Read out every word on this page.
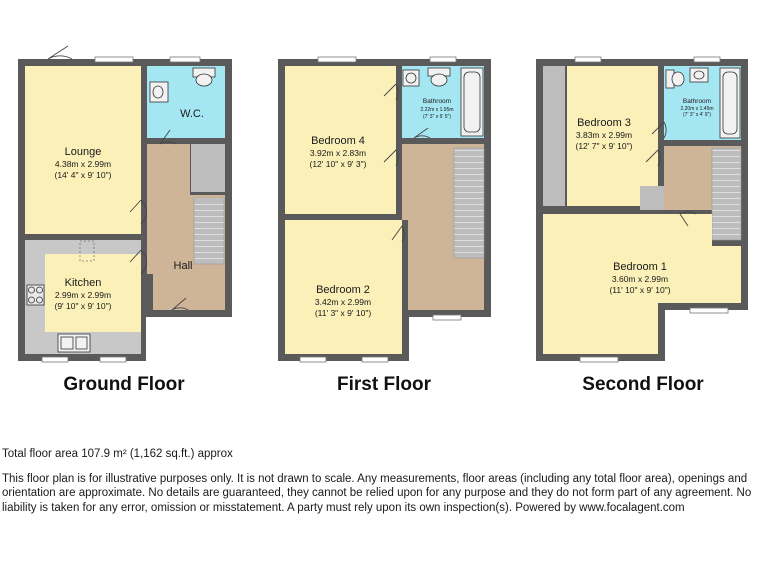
Lounge
4.38m x 2.99m
(14' 4" x 9' 10")
W.C.
Kitchen
2.99m x 2.99m
(9' 10" x 9' 10")
Hall
Ground Floor
Bedroom 4
3.92m x 2.83m
(12' 10" x 9' 3")
Bathroom
2.22m x 1.95m
(7' 3" x 6' 5")
Bedroom 2
3.42m x 2.99m
(11' 3" x 9' 10")
First Floor
Bedroom 3
3.83m x 2.99m
(12' 7" x 9' 10")
Bathroom
2.20m x 1.45m
(7' 3" x 4' 9")
Bedroom 1
3.60m x 2.99m
(11' 10" x 9' 10")
Second Floor

Total floor area 107.9 m² (1,162 sq.ft.) approx

This floor plan is for illustrative purposes only. It is not drawn to scale. Any measurements, floor areas (including any total floor area), openings and orientation are approximate. No details are guaranteed, they cannot be relied upon for any purpose and they do not form part of any agreement. No liability is taken for any error, omission or misstatement. A party must rely upon its own inspection(s). Powered by www.focalagent.com
